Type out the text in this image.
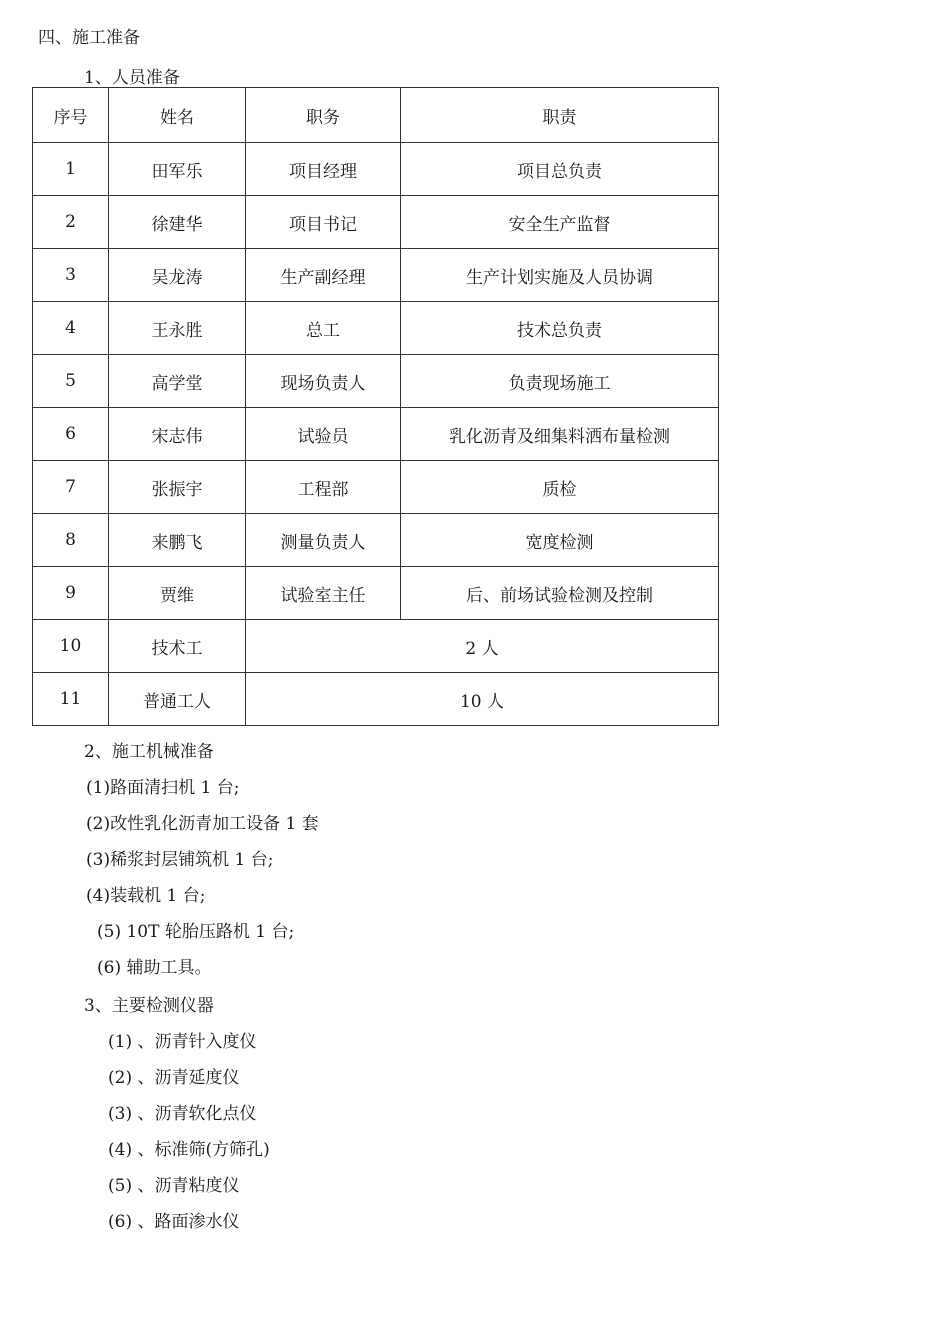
四、施工准备
1、人员准备
序号	姓名	职务	职责
1	田军乐	项目经理	项目总负责
2	徐建华	项目书记	安全生产监督
3	吴龙涛	生产副经理	生产计划实施及人员协调
4	王永胜	总工	技术总负责
5	高学堂	现场负责人	负责现场施工
6	宋志伟	试验员	乳化沥青及细集料洒布量检测
7	张振宇	工程部	质检
8	来鹏飞	测量负责人	宽度检测
9	贾维	试验室主任	后、前场试验检测及控制
10	技术工	2 人	
11	普通工人	10 人	
2、施工机械准备
(1)路面清扫机 1 台;
(2)改性乳化沥青加工设备 1 套
(3)稀浆封层铺筑机 1 台;
(4)装载机 1 台;
(5) 10T 轮胎压路机 1 台;
(6) 辅助工具。
3、主要检测仪器
(1) 、沥青针入度仪
(2) 、沥青延度仪
(3) 、沥青软化点仪
(4) 、标准筛(方筛孔)
(5) 、沥青粘度仪
(6) 、路面渗水仪
